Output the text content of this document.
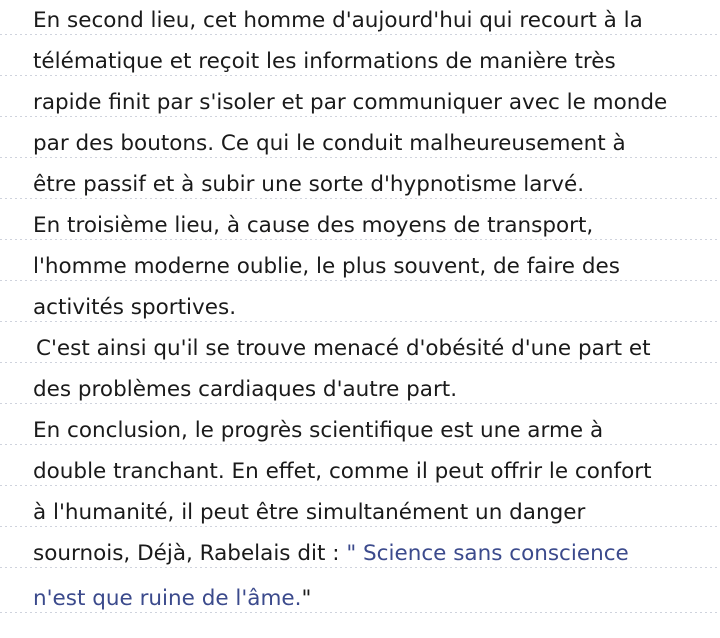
En second lieu, cet homme d'aujourd'hui qui recourt à la
télématique et reçoit les informations de manière très
rapide finit par s'isoler et par communiquer avec le monde
par des boutons. Ce qui le conduit malheureusement à
être passif et à subir une sorte d'hypnotisme larvé.
En troisième lieu, à cause des moyens de transport,
l'homme moderne oublie, le plus souvent, de faire des
activités sportives.
C'est ainsi qu'il se trouve menacé d'obésité d'une part et
des problèmes cardiaques d'autre part.
En conclusion, le progrès scientifique est une arme à
double tranchant. En effet, comme il peut offrir le confort
à l'humanité, il peut être simultanément un danger
sournois, Déjà, Rabelais dit : " Science sans conscience
n'est que ruine de l'âme."
